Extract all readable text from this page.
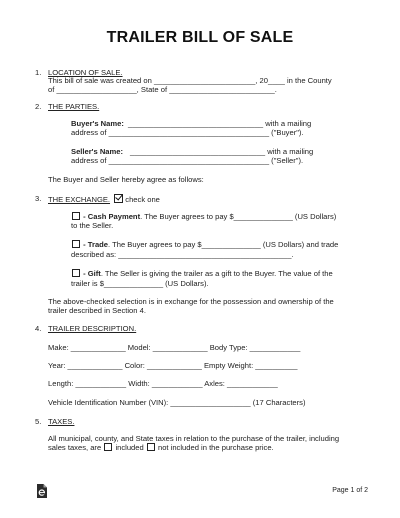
TRAILER BILL OF SALE
1. LOCATION OF SALE.
This bill of sale was created on ________________________, 20____ in the County
of ___________________, State of _________________________.
2. THE PARTIES.
Buyer's Name: ________________________________ with a mailing
address of ______________________________________ ("Buyer").
Seller's Name: ________________________________ with a mailing
address of ______________________________________ ("Seller").
The Buyer and Seller hereby agree as follows:
3. THE EXCHANGE. check one
- Cash Payment. The Buyer agrees to pay $______________ (US Dollars)
to the Seller.
- Trade. The Buyer agrees to pay $______________ (US Dollars) and trade
described as: _________________________________________.
- Gift. The Seller is giving the trailer as a gift to the Buyer. The value of the
trailer is $______________ (US Dollars).
The above-checked selection is in exchange for the possession and ownership of the
trailer described in Section 4.
4. TRAILER DESCRIPTION.
Make: _____________ Model: _____________ Body Type: ____________
Year: _____________ Color: _____________ Empty Weight: __________
Length: ____________ Width: ____________ Axles: ____________
Vehicle Identification Number (VIN): ___________________ (17 Characters)
5. TAXES.
All municipal, county, and State taxes in relation to the purchase of the trailer, including
sales taxes, are included not included in the purchase price.
Page 1 of 2
